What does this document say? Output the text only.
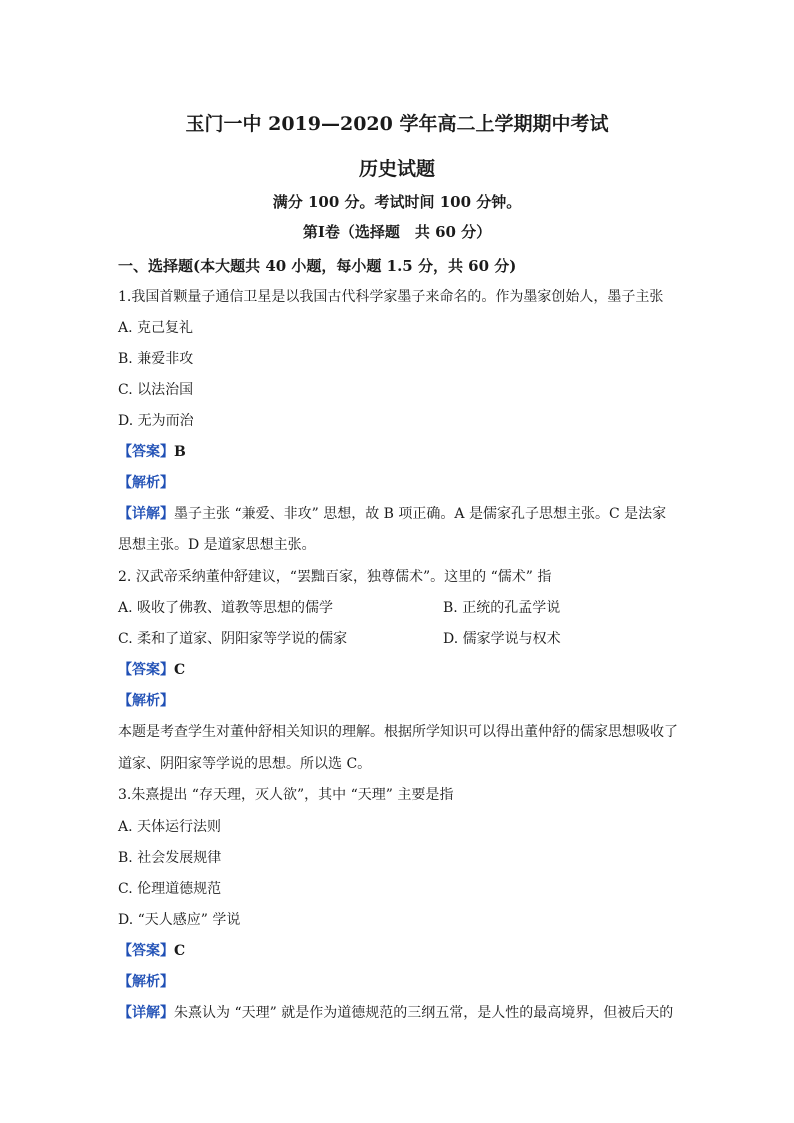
玉门一中 2019—2020 学年高二上学期期中考试
历史试题
满分 100 分。考试时间 100 分钟。
第Ⅰ卷（选择题　共 60 分）
一、选择题(本大题共 40 小题，每小题 1.5 分，共 60 分)
1.我国首颗量子通信卫星是以我国古代科学家墨子来命名的。作为墨家创始人，墨子主张
A. 克己复礼
B. 兼爱非攻
C. 以法治国
D. 无为而治
【答案】B
【解析】
【详解】墨子主张 “兼爱、非攻” 思想，故 B 项正确。A 是儒家孔子思想主张。C 是法家
思想主张。D 是道家思想主张。
2. 汉武帝采纳董仲舒建议，“罢黜百家，独尊儒术”。这里的 “儒术” 指
A. 吸收了佛教、道教等思想的儒学	B. 正统的孔孟学说
C. 柔和了道家、阴阳家等学说的儒家	D. 儒家学说与权术
【答案】C
【解析】
本题是考查学生对董仲舒相关知识的理解。根据所学知识可以得出董仲舒的儒家思想吸收了
道家、阴阳家等学说的思想。所以选 C。
3.朱熹提出 “存天理，灭人欲”，其中 “天理” 主要是指
A. 天体运行法则
B. 社会发展规律
C. 伦理道德规范
D. “天人感应” 学说
【答案】C
【解析】
【详解】朱熹认为 “天理” 就是作为道德规范的三纲五常，是人性的最高境界，但被后天的
